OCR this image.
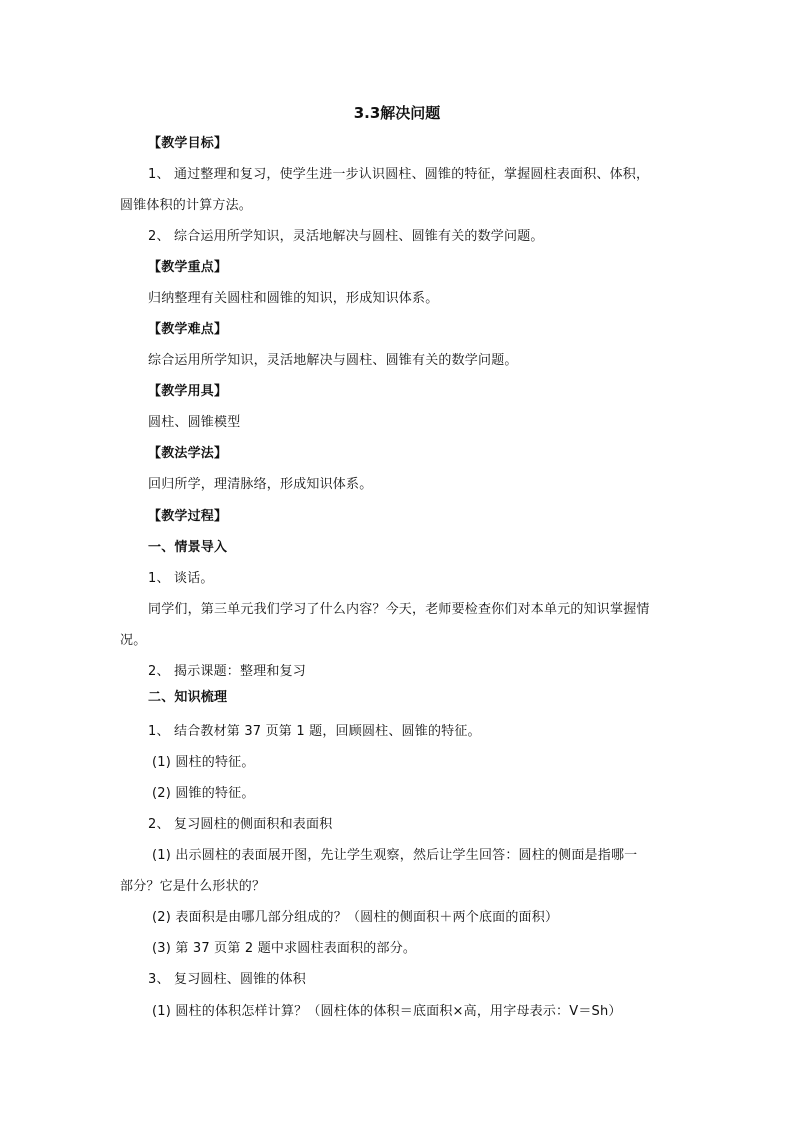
3.3解决问题
【教学目标】
1、 通过整理和复习，使学生进一步认识圆柱、圆锥的特征，掌握圆柱表面积、体积，
圆锥体积的计算方法。
2、 综合运用所学知识，灵活地解决与圆柱、圆锥有关的数学问题。
【教学重点】
归纳整理有关圆柱和圆锥的知识，形成知识体系。
【教学难点】
综合运用所学知识，灵活地解决与圆柱、圆锥有关的数学问题。
【教学用具】
圆柱、圆锥模型
【教法学法】
回归所学，理清脉络，形成知识体系。
【教学过程】
一、情景导入
1、 谈话。
同学们，第三单元我们学习了什么内容？今天，老师要检查你们对本单元的知识掌握情
况。
2、 揭示课题：整理和复习
二、知识梳理
1、 结合教材第 37 页第 1 题，回顾圆柱、圆锥的特征。
(1) 圆柱的特征。
(2) 圆锥的特征。
2、 复习圆柱的侧面积和表面积
(1) 出示圆柱的表面展开图，先让学生观察，然后让学生回答：圆柱的侧面是指哪一
部分？它是什么形状的？
(2) 表面积是由哪几部分组成的？（圆柱的侧面积＋两个底面的面积）
(3) 第 37 页第 2 题中求圆柱表面积的部分。
3、 复习圆柱、圆锥的体积
(1) 圆柱的体积怎样计算？（圆柱体的体积＝底面积×高，用字母表示：V＝Sh）
